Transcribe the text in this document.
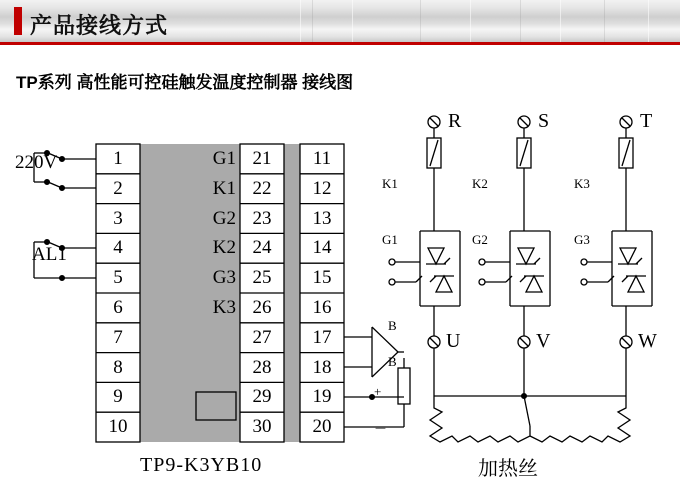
产品接线方式
TP系列 高性能可控硅触发温度控制器 接线图
1
2
3
4
5
6
7
8
9
10
G1
K1
G2
K2
G3
K3
21
22
23
24
25
26
27
28
29
30
11
12
13
14
15
16
17
18
19
20
220V
AL1
B
B
+
－
TP9-K3YB10
R	S	T
U	V	W
K1
G1
K2
G2
K3
G3
加热丝
